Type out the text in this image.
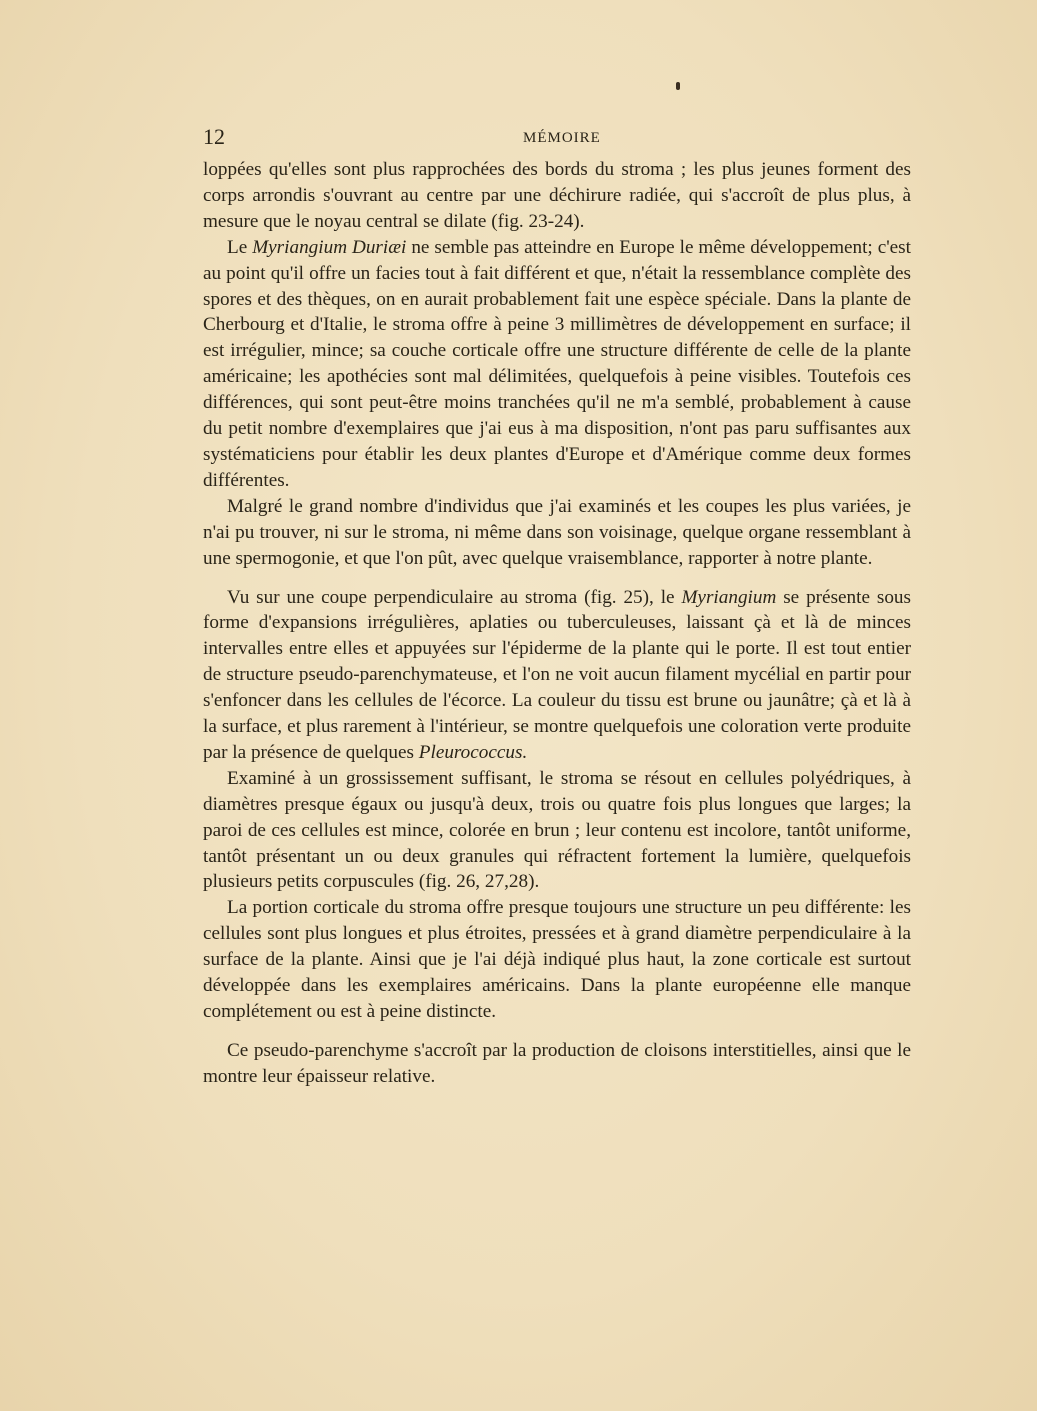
12	MÉMOIRE

loppées qu'elles sont plus rapprochées des bords du stroma ; les plus jeunes forment des corps arrondis s'ouvrant au centre par une déchirure radiée, qui s'accroît de plus plus, à mesure que le noyau central se dilate (fig. 23-24).

Le Myriangium Duriæi ne semble pas atteindre en Europe le même développement; c'est au point qu'il offre un facies tout à fait différent et que, n'était la ressemblance complète des spores et des thèques, on en aurait probablement fait une espèce spéciale. Dans la plante de Cherbourg et d'Italie, le stroma offre à peine 3 millimètres de développement en surface; il est irrégulier, mince; sa couche corticale offre une structure différente de celle de la plante américaine; les apothécies sont mal délimitées, quelquefois à peine visibles. Toutefois ces différences, qui sont peut-être moins tranchées qu'il ne m'a semblé, probablement à cause du petit nombre d'exemplaires que j'ai eus à ma disposition, n'ont pas paru suffisantes aux systématiciens pour établir les deux plantes d'Europe et d'Amérique comme deux formes différentes.

Malgré le grand nombre d'individus que j'ai examinés et les coupes les plus variées, je n'ai pu trouver, ni sur le stroma, ni même dans son voisinage, quelque organe ressemblant à une spermogonie, et que l'on pût, avec quelque vraisemblance, rapporter à notre plante.

Vu sur une coupe perpendiculaire au stroma (fig. 25), le Myriangium se présente sous forme d'expansions irrégulières, aplaties ou tuberculeuses, laissant çà et là de minces intervalles entre elles et appuyées sur l'épiderme de la plante qui le porte. Il est tout entier de structure pseudo-parenchymateuse, et l'on ne voit aucun filament mycélial en partir pour s'enfoncer dans les cellules de l'écorce. La couleur du tissu est brune ou jaunâtre; çà et là à la surface, et plus rarement à l'intérieur, se montre quelquefois une coloration verte produite par la présence de quelques Pleurococcus.

Examiné à un grossissement suffisant, le stroma se résout en cellules polyédriques, à diamètres presque égaux ou jusqu'à deux, trois ou quatre fois plus longues que larges; la paroi de ces cellules est mince, colorée en brun ; leur contenu est incolore, tantôt uniforme, tantôt présentant un ou deux granules qui réfractent fortement la lumière, quelquefois plusieurs petits corpuscules (fig. 26, 27,28).

La portion corticale du stroma offre presque toujours une structure un peu différente: les cellules sont plus longues et plus étroites, pressées et à grand diamètre perpendiculaire à la surface de la plante. Ainsi que je l'ai déjà indiqué plus haut, la zone corticale est surtout développée dans les exemplaires américains. Dans la plante européenne elle manque complétement ou est à peine distincte.

Ce pseudo-parenchyme s'accroît par la production de cloisons interstitielles, ainsi que le montre leur épaisseur relative.
